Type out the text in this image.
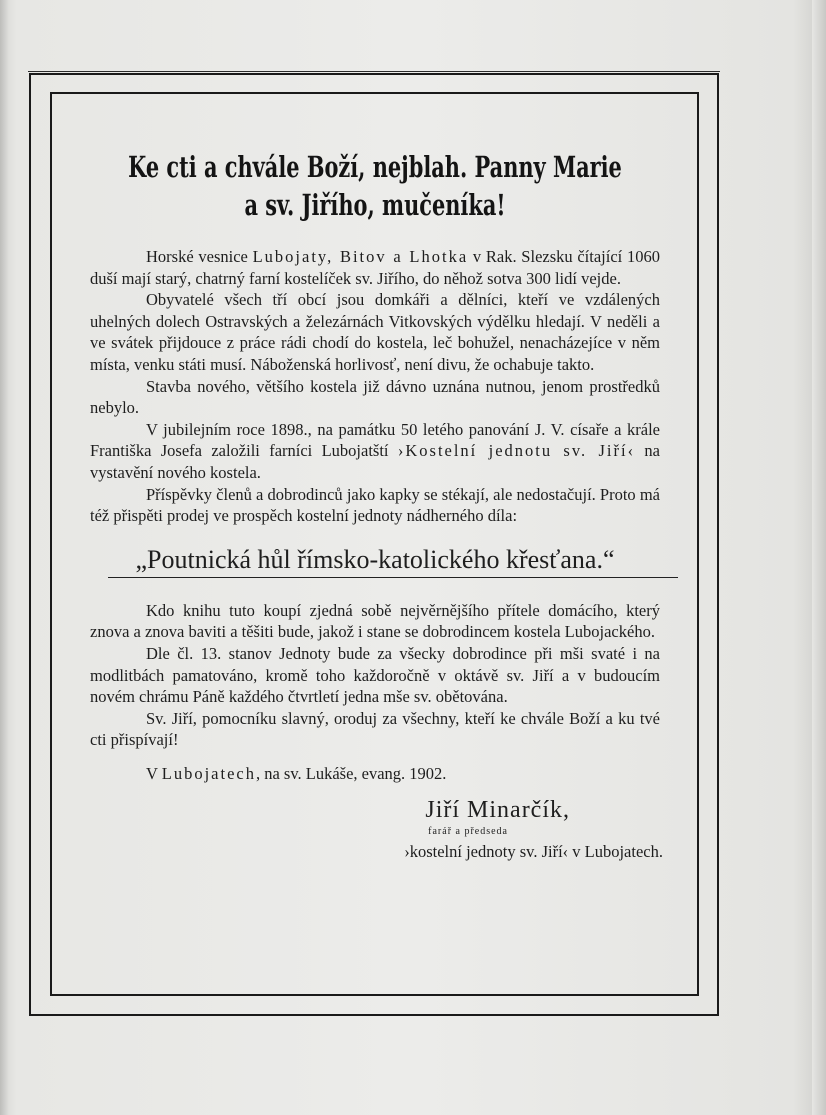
Ke cti a chvále Boží, nejblah. Panny Marie
a sv. Jiřího, mučeníka!

Horské vesnice Lubojaty, Bitov a Lhotka v Rak. Slezsku čítající 1060 duší mají starý, chatrný farní kostelíček sv. Jiřího, do něhož sotva 300 lidí vejde.

Obyvatelé všech tří obcí jsou domkáři a dělníci, kteří ve vzdálených uhelných dolech Ostravských a železárnách Vitkovských výdělku hledají. V neděli a ve svátek přijdouce z práce rádi chodí do kostela, leč bohužel, nenacházejíce v něm místa, venku státi musí. Náboženská horlivosť, není divu, že ochabuje takto.

Stavba nového, většího kostela již dávno uznána nutnou, jenom prostředků nebylo.

V jubilejním roce 1898., na památku 50 letého panování J. V. císaře a krále Františka Josefa založili farníci Lubojatští ›Kostelní jednotu sv. Jiří‹ na vystavění nového kostela.

Příspěvky členů a dobrodinců jako kapky se stékají, ale nedostačují. Proto má též přispěti prodej ve prospěch kostelní jednoty nádherného díla:

„Poutnická hůl římsko-katolického křesťana.“

Kdo knihu tuto koupí zjedná sobě nejvěrnějšího přítele domácího, který znova a znova baviti a těšiti bude, jakož i stane se dobrodincem kostela Lubojackého.

Dle čl. 13. stanov Jednoty bude za všecky dobrodince při mši svaté i na modlitbách pamatováno, kromě toho každoročně v oktávě sv. Jiří a v budoucím novém chrámu Páně každého čtvrtletí jedna mše sv. obětována.

Sv. Jiří, pomocníku slavný, oroduj za všechny, kteří ke chvále Boží a ku tvé cti přispívají!

V Lubojatech, na sv. Lukáše, evang. 1902.
Jiří Minarčík,
farář a předseda
›kostelní jednoty sv. Jiří‹ v Lubojatech.
